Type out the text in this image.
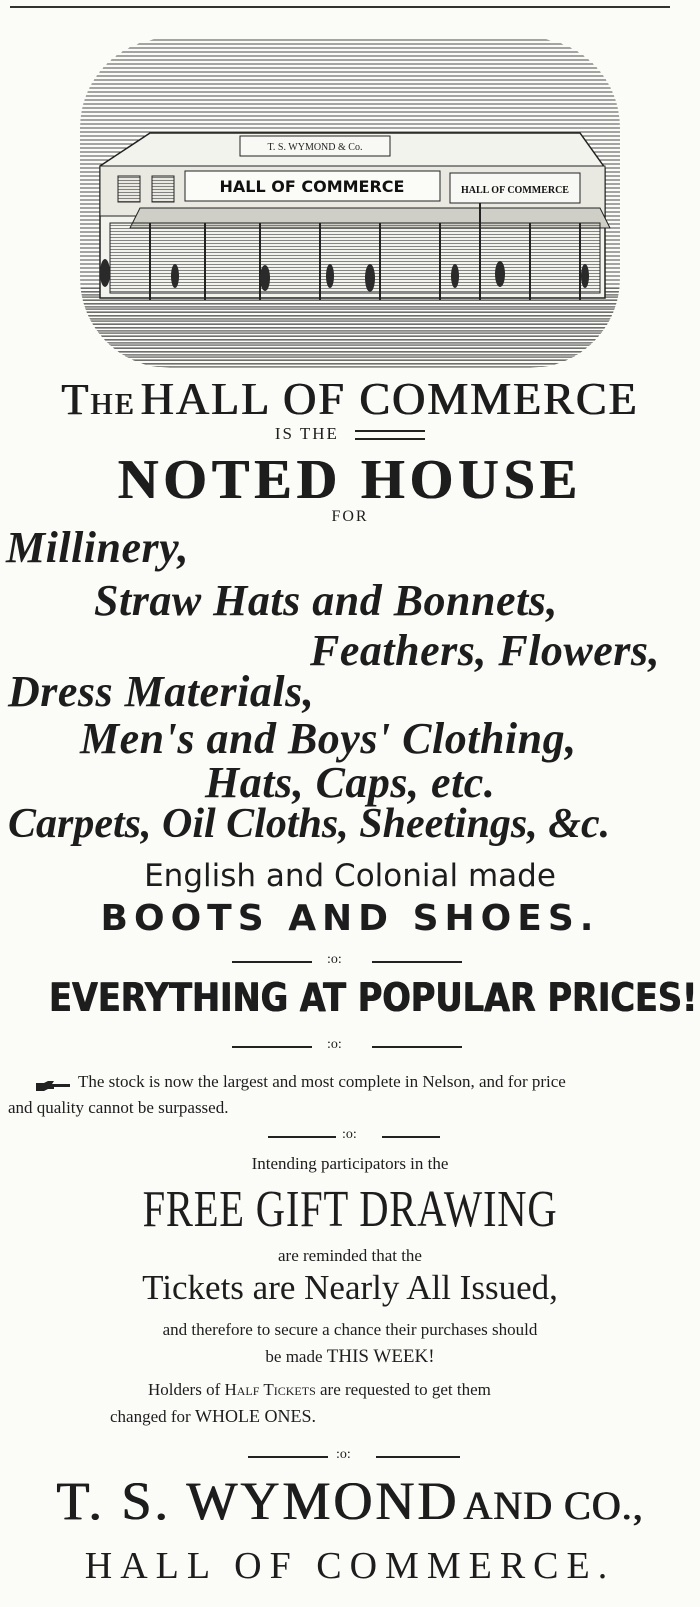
T. S. WYMOND & Co.
HALL OF COMMERCE	HALL OF COMMERCE
The HALL OF COMMERCE
IS THE
NOTED HOUSE
FOR
Millinery,
Straw Hats and Bonnets,
Feathers, Flowers,
Dress Materials,
Men's and Boys' Clothing,
Hats, Caps, etc.
Carpets, Oil Cloths, Sheetings, &c.
English and Colonial made
BOOTS AND SHOES.
:o:
EVERYTHING AT POPULAR PRICES!
:o:
The stock is now the largest and most complete in Nelson, and for price
and quality cannot be surpassed.
:o:
Intending participators in the
FREE GIFT DRAWING
are reminded that the
Tickets are Nearly All Issued,
and therefore to secure a chance their purchases should
be made THIS WEEK!
Holders of Half Tickets are requested to get them
changed for WHOLE ONES.
:o:
T. S. WYMOND AND CO.,
HALL OF COMMERCE.
